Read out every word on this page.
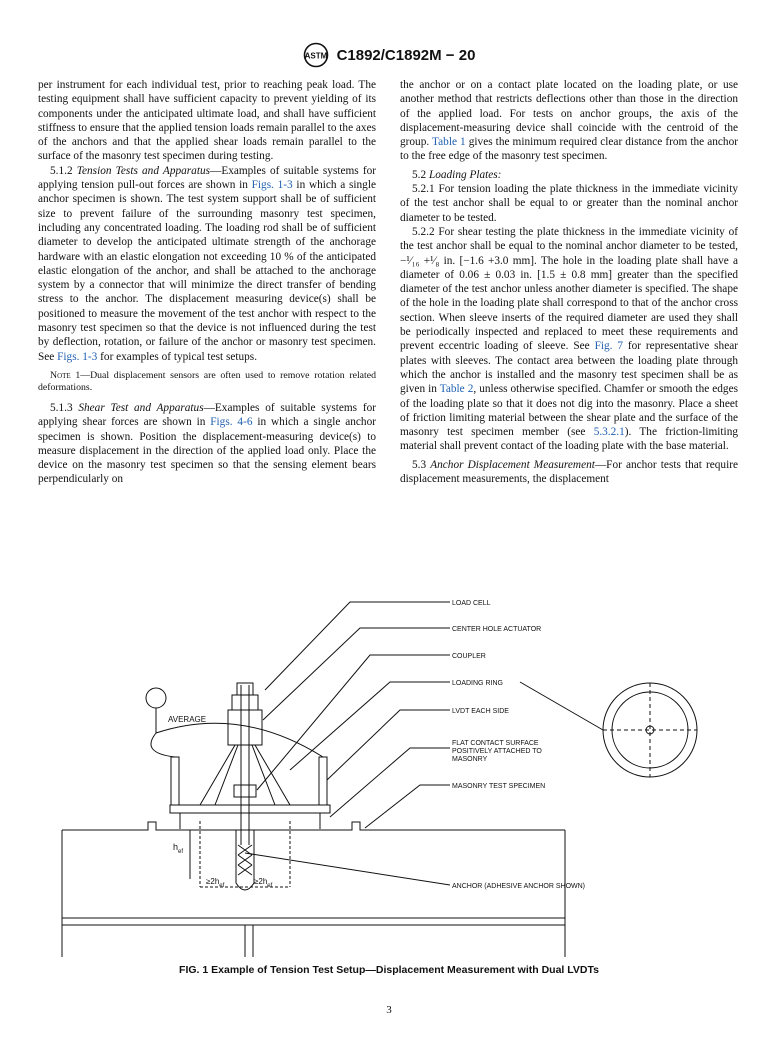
ASTM C1892/C1892M − 20

per instrument for each individual test, prior to reaching peak load. The testing equipment shall have sufficient capacity to prevent yielding of its components under the anticipated ultimate load, and shall have sufficient stiffness to ensure that the applied tension loads remain parallel to the axes of the anchors and that the applied shear loads remain parallel to the surface of the masonry test specimen during testing.

5.1.2 Tension Tests and Apparatus—Examples of suitable systems for applying tension pull-out forces are shown in Figs. 1-3 in which a single anchor specimen is shown. The test system support shall be of sufficient size to prevent failure of the surrounding masonry test specimen, including any concentrated loading. The loading rod shall be of sufficient diameter to develop the anticipated ultimate strength of the anchorage hardware with an elastic elongation not exceeding 10 % of the anticipated elastic elongation of the anchor, and shall be attached to the anchorage system by a connector that will minimize the direct transfer of bending stress to the anchor. The displacement measuring device(s) shall be positioned to measure the movement of the test anchor with respect to the masonry test specimen so that the device is not influenced during the test by deflection, rotation, or failure of the anchor or masonry test specimen. See Figs. 1-3 for examples of typical test setups.

Note 1—Dual displacement sensors are often used to remove rotation related deformations.

5.1.3 Shear Test and Apparatus—Examples of suitable systems for applying shear forces are shown in Figs. 4-6 in which a single anchor specimen is shown. Position the displacement-measuring device(s) to measure displacement in the direction of the applied load only. Place the device on the masonry test specimen so that the sensing element bears perpendicularly on

the anchor or on a contact plate located on the loading plate, or use another method that restricts deflections other than those in the direction of the applied load. For tests on anchor groups, the axis of the displacement-measuring device shall coincide with the centroid of the group. Table 1 gives the minimum required clear distance from the anchor to the free edge of the masonry test specimen.

5.2 Loading Plates:

5.2.1 For tension loading the plate thickness in the immediate vicinity of the test anchor shall be equal to or greater than the nominal anchor diameter to be tested.

5.2.2 For shear testing the plate thickness in the immediate vicinity of the test anchor shall be equal to the nominal anchor diameter to be tested, −¹⁄₁₆ +¹⁄₈ in. [−1.6 +3.0 mm]. The hole in the loading plate shall have a diameter of 0.06 ± 0.03 in. [1.5 ± 0.8 mm] greater than the specified diameter of the test anchor unless another diameter is specified. The shape of the hole in the loading plate shall correspond to that of the anchor cross section. When sleeve inserts of the required diameter are used they shall be periodically inspected and replaced to meet these requirements and prevent eccentric loading of sleeve. See Fig. 7 for representative shear plates with sleeves. The contact area between the loading plate through which the anchor is installed and the masonry test specimen shall be as given in Table 2, unless otherwise specified. Chamfer or smooth the edges of the loading plate so that it does not dig into the masonry. Place a sheet of friction limiting material between the shear plate and the surface of the masonry test specimen member (see 5.3.2.1). The friction-limiting material shall prevent contact of the loading plate with the base material.

5.3 Anchor Displacement Measurement—For anchor tests that require displacement measurements, the displacement

LOAD CELL
CENTER HOLE ACTUATOR
COUPLER
LOADING RING
LVDT EACH SIDE
FLAT CONTACT SURFACE
POSITIVELY ATTACHED TO
MASONRY
MASONRY TEST SPECIMEN
ANCHOR (ADHESIVE ANCHOR SHOWN)
AVERAGE
$h_{ef}$
$\ge 2h_{ef}$	$\ge 2h_{ef}$
FIG. 1 Example of Tension Test Setup—Displacement Measurement with Dual LVDTs
3
